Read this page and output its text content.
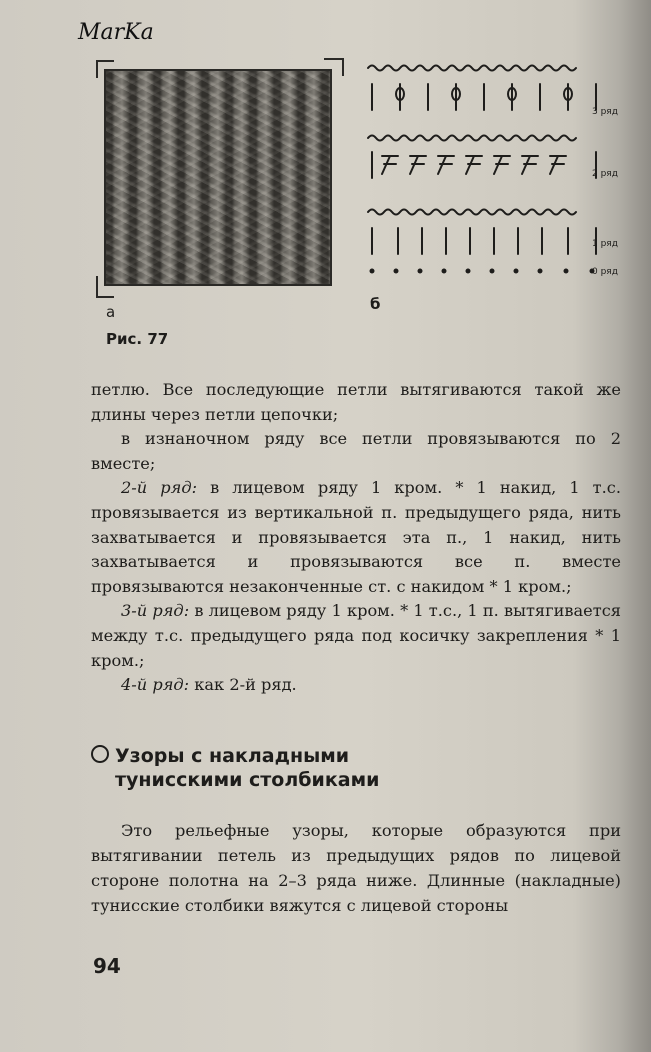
MarKa
а
Рис. 77
б
3 ряд
2 ряд
1 ряд
0 ряд

петлю. Все последующие петли вытягиваются такой же длины через петли цепочки;

в изнаночном ряду все петли провязываются по 2 вместе;

2-й ряд: в лицевом ряду 1 кром. * 1 накид, 1 т.с. провязывается из вертикальной п. предыдущего ряда, нить захватывается и провязывается эта п., 1 накид, нить захватывается и провязываются все п. вместе провязываются незаконченные ст. с накидом * 1 кром.;

3-й ряд: в лицевом ряду 1 кром. * 1 т.с., 1 п. вытягивается между т.с. предыдущего ряда под косичку закрепления * 1 кром.;

4-й ряд: как 2-й ряд.

Узоры с накладными
тунисскими столбиками

Это рельефные узоры, которые образуются при вытягивании петель из предыдущих рядов по лицевой стороне полотна на 2–3 ряда ниже. Длинные (накладные) тунисские столбики вяжутся с лицевой стороны

94
